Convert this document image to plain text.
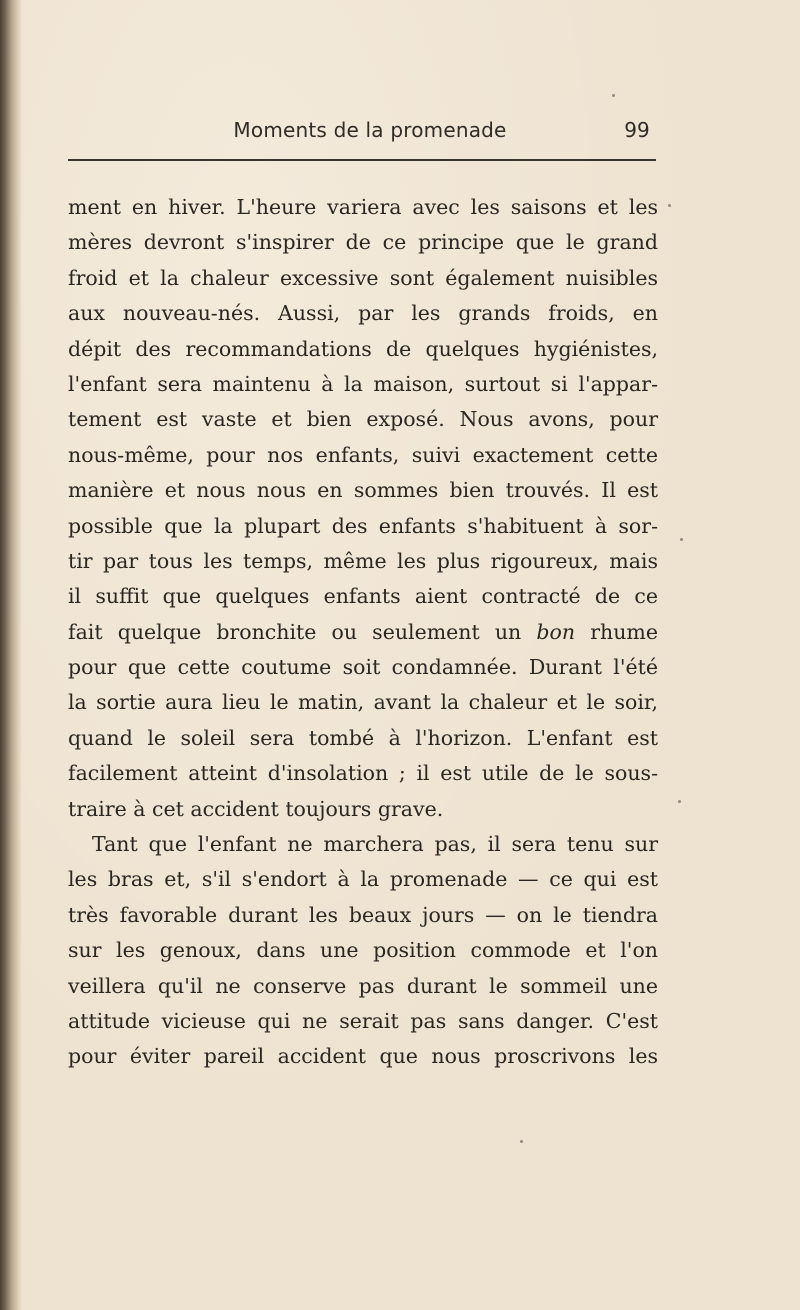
Moments de la promenade	99
ment en hiver. L'heure variera avec les saisons et les
mères devront s'inspirer de ce principe que le grand
froid et la chaleur excessive sont également nuisibles
aux nouveau-nés. Aussi, par les grands froids, en
dépit des recommandations de quelques hygiénistes,
l'enfant sera maintenu à la maison, surtout si l'appar-
tement est vaste et bien exposé. Nous avons, pour
nous-même, pour nos enfants, suivi exactement cette
manière et nous nous en sommes bien trouvés. Il est
possible que la plupart des enfants s'habituent à sor-
tir par tous les temps, même les plus rigoureux, mais
il suffit que quelques enfants aient contracté de ce
fait quelque bronchite ou seulement un bon rhume
pour que cette coutume soit condamnée. Durant l'été
la sortie aura lieu le matin, avant la chaleur et le soir,
quand le soleil sera tombé à l'horizon. L'enfant est
facilement atteint d'insolation ; il est utile de le sous-
traire à cet accident toujours grave.
Tant que l'enfant ne marchera pas, il sera tenu sur
les bras et, s'il s'endort à la promenade — ce qui est
très favorable durant les beaux jours — on le tiendra
sur les genoux, dans une position commode et l'on
veillera qu'il ne conserve pas durant le sommeil une
attitude vicieuse qui ne serait pas sans danger. C'est
pour éviter pareil accident que nous proscrivons les
